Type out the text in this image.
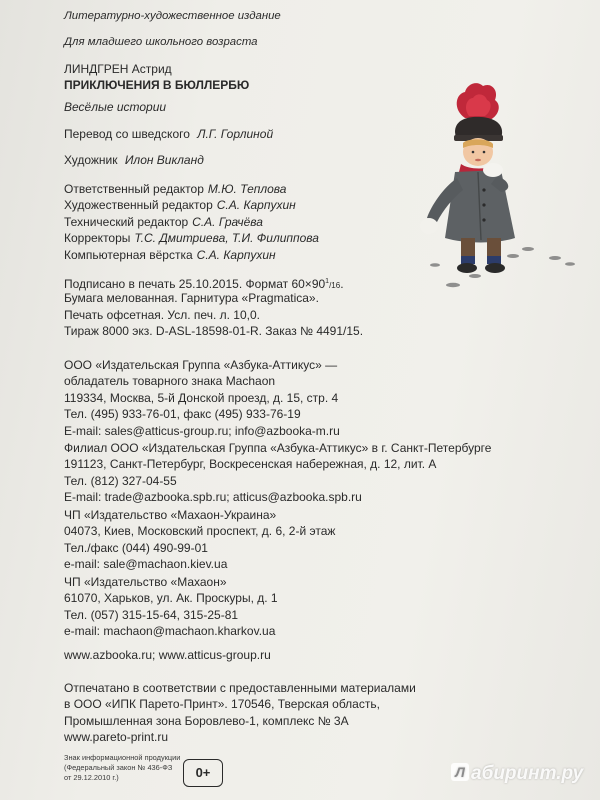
Литературно-художественное издание
Для младшего школьного возраста
ЛИНДГРЕН Астрид
ПРИКЛЮЧЕНИЯ В БЮЛЛЕРБЮ
Весёлые истории
Перевод со шведского Л.Г. Горлиной
Художник Илон Викланд
Ответственный редактор М.Ю. Теплова
Художественный редактор С.А. Карпухин
Технический редактор С.А. Грачёва
Корректоры Т.С. Дмитриева, Т.И. Филиппова
Компьютерная вёрстка С.А. Карпухин
Подписано в печать 25.10.2015. Формат $60\times 90^1/16$.
Бумага мелованная. Гарнитура «Pragmatica».
Печать офсетная. Усл. печ. л. 10,0.
Тираж 8000 экз. D-ASL-18598-01-R. Заказ № 4491/15.
ООО «Издательская Группа «Азбука-Аттикус» —
обладатель товарного знака Machaon
119334, Москва, 5-й Донской проезд, д. 15, стр. 4
Тел. (495) 933-76-01, факс (495) 933-76-19
E-mail: sales@atticus-group.ru; info@azbooka-m.ru
Филиал ООО «Издательская Группа «Азбука-Аттикус» в г. Санкт-Петербурге
191123, Санкт-Петербург, Воскресенская набережная, д. 12, лит. А
Тел. (812) 327-04-55
E-mail: trade@azbooka.spb.ru; atticus@azbooka.spb.ru
ЧП «Издательство «Махаон-Украина»
04073, Киев, Московский проспект, д. 6, 2-й этаж
Тел./факс (044) 490-99-01
e-mail: sale@machaon.kiev.ua
ЧП «Издательство «Махаон»
61070, Харьков, ул. Ак. Проскуры, д. 1
Тел. (057) 315-15-64, 315-25-81
e-mail: machaon@machaon.kharkov.ua
www.azbooka.ru; www.atticus-group.ru
Отпечатано в соответствии с предоставленными материалами
в ООО «ИПК Парето-Принт». 170546, Тверская область,
Промышленная зона Боровлево-1, комплекс № 3А
www.pareto-print.ru
Знак информационной продукции
(Федеральный закон № 436-ФЗ
от 29.12.2010 г.)	0+	Л абиринт.ру
